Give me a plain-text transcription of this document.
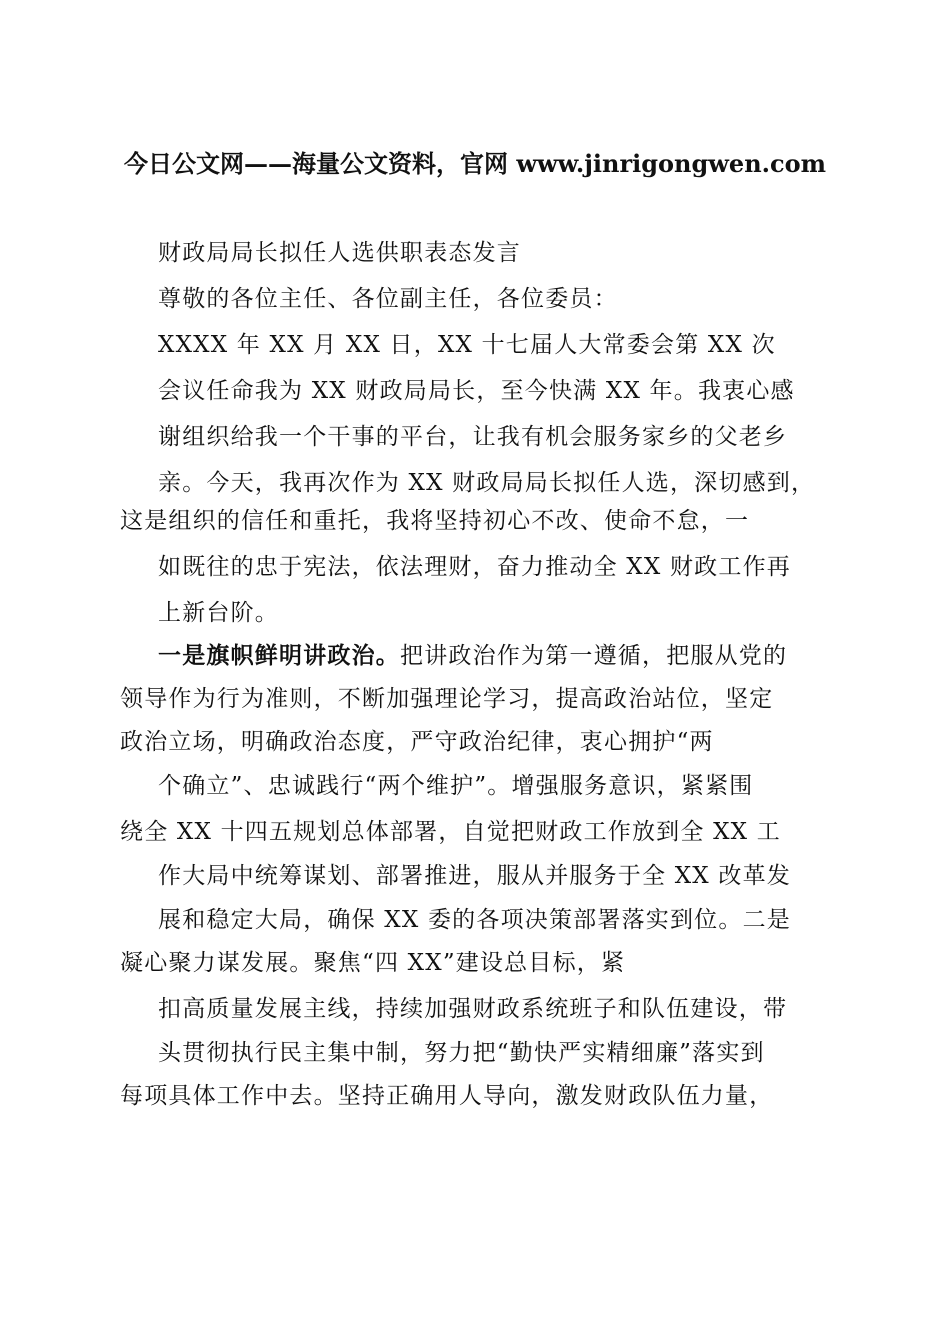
今日公文网——海量公文资料，官网 www.jinrigongwen.com
财政局局长拟任人选供职表态发言
尊敬的各位主任、各位副主任，各位委员：
XXXX 年 XX 月 XX 日，XX 十七届人大常委会第 XX 次
会议任命我为 XX 财政局局长，至今快满 XX 年。我衷心感
谢组织给我一个干事的平台，让我有机会服务家乡的父老乡
亲。今天，我再次作为 XX 财政局局长拟任人选，深切感到，
这是组织的信任和重托，我将坚持初心不改、使命不怠，一
如既往的忠于宪法，依法理财，奋力推动全 XX 财政工作再
上新台阶。
一是旗帜鲜明讲政治。把讲政治作为第一遵循，把服从党的
领导作为行为准则，不断加强理论学习，提高政治站位，坚定
政治立场，明确政治态度，严守政治纪律，衷心拥护“两
个确立”、忠诚践行“两个维护”。增强服务意识，紧紧围
绕全 XX 十四五规划总体部署，自觉把财政工作放到全 XX 工
作大局中统筹谋划、部署推进，服从并服务于全 XX 改革发
展和稳定大局，确保 XX 委的各项决策部署落实到位。二是
凝心聚力谋发展。聚焦“四 XX”建设总目标，紧
扣高质量发展主线，持续加强财政系统班子和队伍建设，带
头贯彻执行民主集中制，努力把“勤快严实精细廉”落实到
每项具体工作中去。坚持正确用人导向，激发财政队伍力量，
